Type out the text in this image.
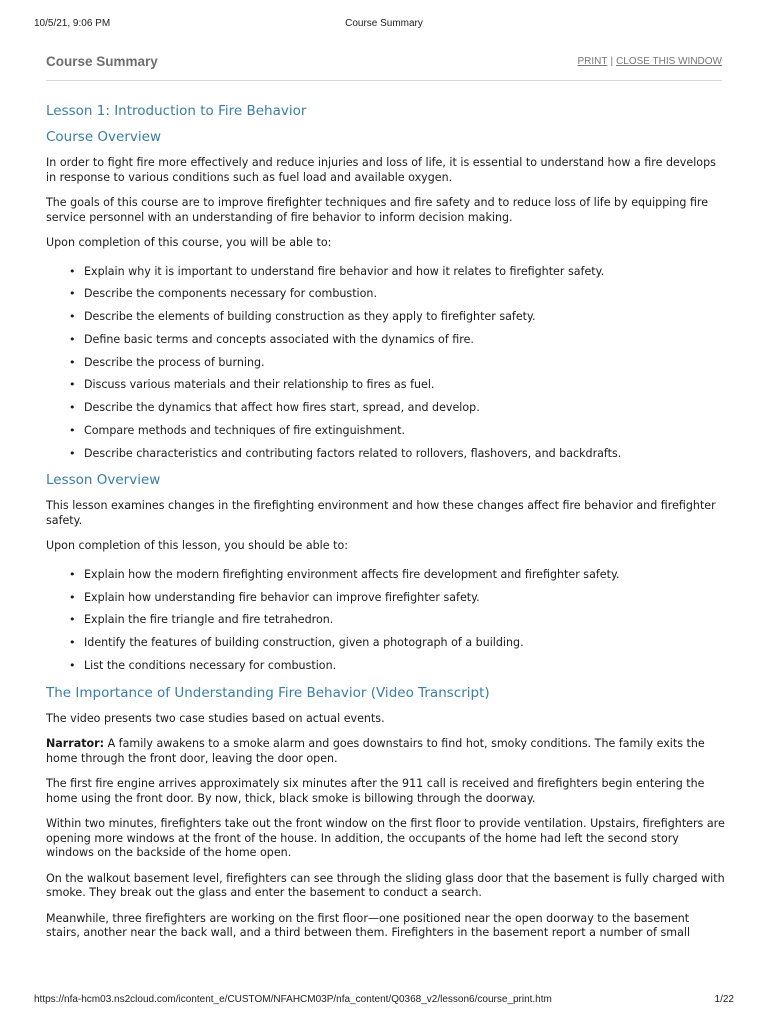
10/5/21, 9:06 PM	Course Summary
Course Summary	PRINT | CLOSE THIS WINDOW
Lesson 1: Introduction to Fire Behavior
Course Overview

In order to fight fire more effectively and reduce injuries and loss of life, it is essential to understand how a fire develops in response to various conditions such as fuel load and available oxygen.

The goals of this course are to improve firefighter techniques and fire safety and to reduce loss of life by equipping fire service personnel with an understanding of fire behavior to inform decision making.

Upon completion of this course, you will be able to:

• Explain why it is important to understand fire behavior and how it relates to firefighter safety.
• Describe the components necessary for combustion.
• Describe the elements of building construction as they apply to firefighter safety.
• Define basic terms and concepts associated with the dynamics of fire.
• Describe the process of burning.
• Discuss various materials and their relationship to fires as fuel.
• Describe the dynamics that affect how fires start, spread, and develop.
• Compare methods and techniques of fire extinguishment.
• Describe characteristics and contributing factors related to rollovers, flashovers, and backdrafts.
Lesson Overview

This lesson examines changes in the firefighting environment and how these changes affect fire behavior and firefighter safety.

Upon completion of this lesson, you should be able to:

• Explain how the modern firefighting environment affects fire development and firefighter safety.
• Explain how understanding fire behavior can improve firefighter safety.
• Explain the fire triangle and fire tetrahedron.
• Identify the features of building construction, given a photograph of a building.
• List the conditions necessary for combustion.
The Importance of Understanding Fire Behavior (Video Transcript)

The video presents two case studies based on actual events.

Narrator: A family awakens to a smoke alarm and goes downstairs to find hot, smoky conditions. The family exits the home through the front door, leaving the door open.

The first fire engine arrives approximately six minutes after the 911 call is received and firefighters begin entering the home using the front door. By now, thick, black smoke is billowing through the doorway.

Within two minutes, firefighters take out the front window on the first floor to provide ventilation. Upstairs, firefighters are opening more windows at the front of the house. In addition, the occupants of the home had left the second story windows on the backside of the home open.

On the walkout basement level, firefighters can see through the sliding glass door that the basement is fully charged with smoke. They break out the glass and enter the basement to conduct a search.

Meanwhile, three firefighters are working on the first floor—one positioned near the open doorway to the basement stairs, another near the back wall, and a third between them. Firefighters in the basement report a number of small

https://nfa-hcm03.ns2cloud.com/icontent_e/CUSTOM/NFAHCM03P/nfa_content/Q0368_v2/lesson6/course_print.htm	1/22
